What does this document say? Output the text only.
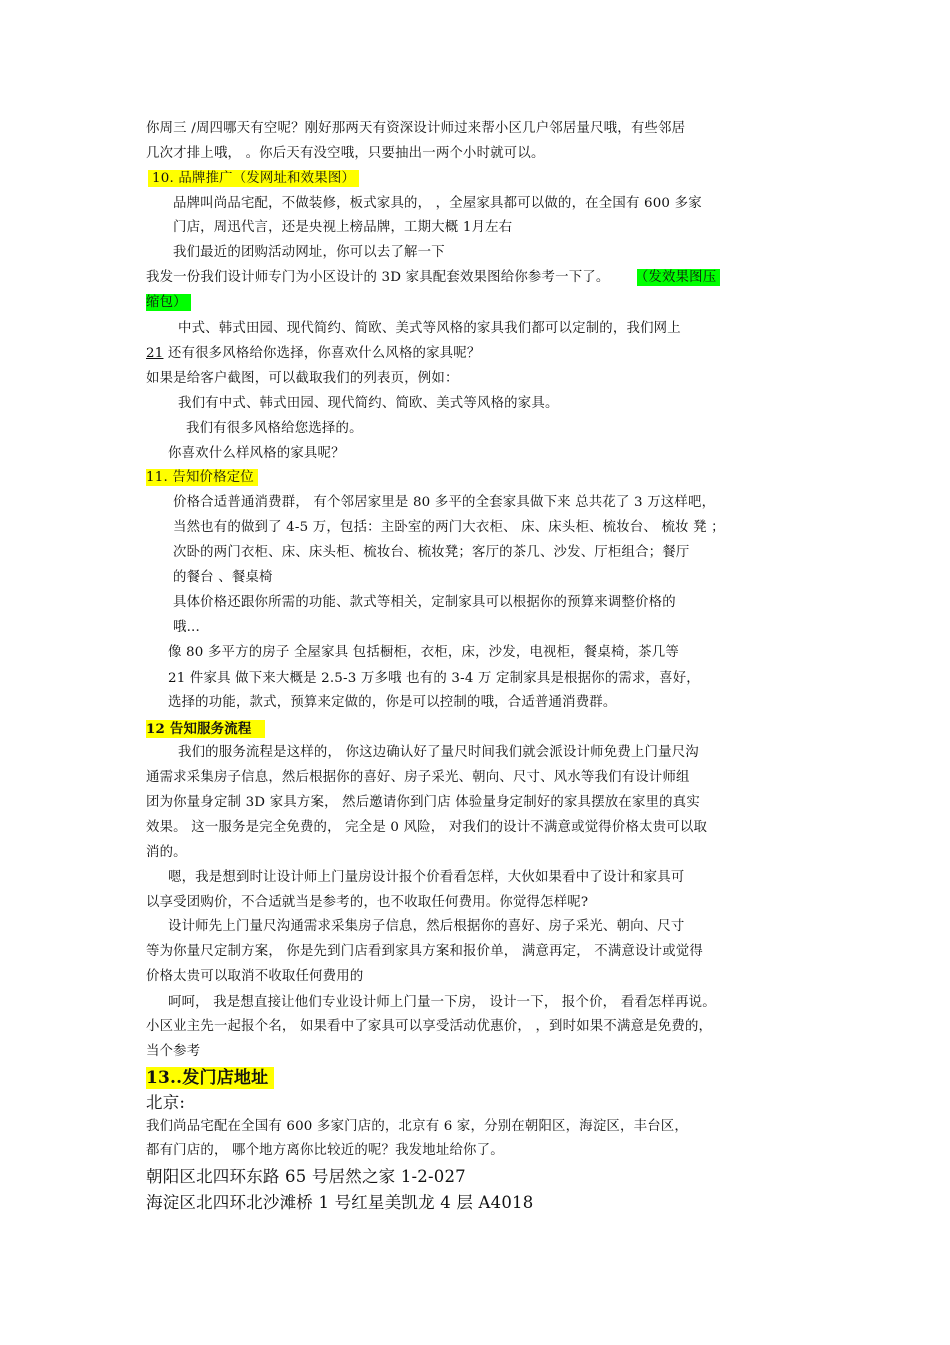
你周三 /周四哪天有空呢？刚好那两天有资深设计师过来帮小区几户邻居量尺哦，有些邻居
几次才排上哦， 。你后天有没空哦，只要抽出一两个小时就可以。
10. 品牌推广（发网址和效果图）
品牌叫尚品宅配，不做装修，板式家具的， ，全屋家具都可以做的，在全国有 600 多家
门店，周迅代言，还是央视上榜品牌，工期大概 1月左右
我们最近的团购活动网址，你可以去了解一下
我发一份我们设计师专门为小区设计的 3D 家具配套效果图给你参考一下了。 （发效果图压
缩包）
中式、韩式田园、现代简约、简欧、美式等风格的家具我们都可以定制的，我们网上
21 还有很多风格给你选择，你喜欢什么风格的家具呢？
如果是给客户截图，可以截取我们的列表页，例如：
我们有中式、韩式田园、现代简约、简欧、美式等风格的家具。
我们有很多风格给您选择的。
你喜欢什么样风格的家具呢？
11. 告知价格定位
价格合适普通消费群， 有个邻居家里是 80 多平的全套家具做下来 总共花了 3 万这样吧，
当然也有的做到了 4-5 万，包括：主卧室的两门大衣柜、 床、床头柜、梳妆台、 梳妆 凳 ；
次卧的两门衣柜、床、床头柜、梳妆台、梳妆凳；客厅的茶几、沙发、厅柜组合；餐厅
的餐台 、餐桌椅
具体价格还跟你所需的功能、款式等相关，定制家具可以根据你的预算来调整价格的
哦...
像 80 多平方的房子 全屋家具 包括橱柜，衣柜，床，沙发，电视柜，餐桌椅，茶几等
21 件家具 做下来大概是 2.5-3 万多哦 也有的 3-4 万 定制家具是根据你的需求，喜好，
选择的功能，款式，预算来定做的，你是可以控制的哦，合适普通消费群。
12 告知服务流程
我们的服务流程是这样的， 你这边确认好了量尺时间我们就会派设计师免费上门量尺沟
通需求采集房子信息，然后根据你的喜好、房子采光、朝向、尺寸、风水等我们有设计师组
团为你量身定制 3D 家具方案， 然后邀请你到门店 体验量身定制好的家具摆放在家里的真实
效果。 这一服务是完全免费的， 完全是 0 风险， 对我们的设计不满意或觉得价格太贵可以取
消的。
嗯，我是想到时让设计师上门量房设计报个价看看怎样，大伙如果看中了设计和家具可
以享受团购价，不合适就当是参考的，也不收取任何费用。你觉得怎样呢?
设计师先上门量尺沟通需求采集房子信息，然后根据你的喜好、房子采光、朝向、尺寸
等为你量尺定制方案， 你是先到门店看到家具方案和报价单， 满意再定， 不满意设计或觉得
价格太贵可以取消不收取任何费用的
呵呵， 我是想直接让他们专业设计师上门量一下房， 设计一下， 报个价， 看看怎样再说。
小区业主先一起报个名， 如果看中了家具可以享受活动优惠价， ，到时如果不满意是免费的，
当个参考
13..发门店地址
北京:
我们尚品宅配在全国有 600 多家门店的，北京有 6 家，分别在朝阳区，海淀区，丰台区，
都有门店的， 哪个地方离你比较近的呢？我发地址给你了。
朝阳区北四环东路 65 号居然之家 1-2-027
海淀区北四环北沙滩桥 1 号红星美凯龙 4 层 A4018
